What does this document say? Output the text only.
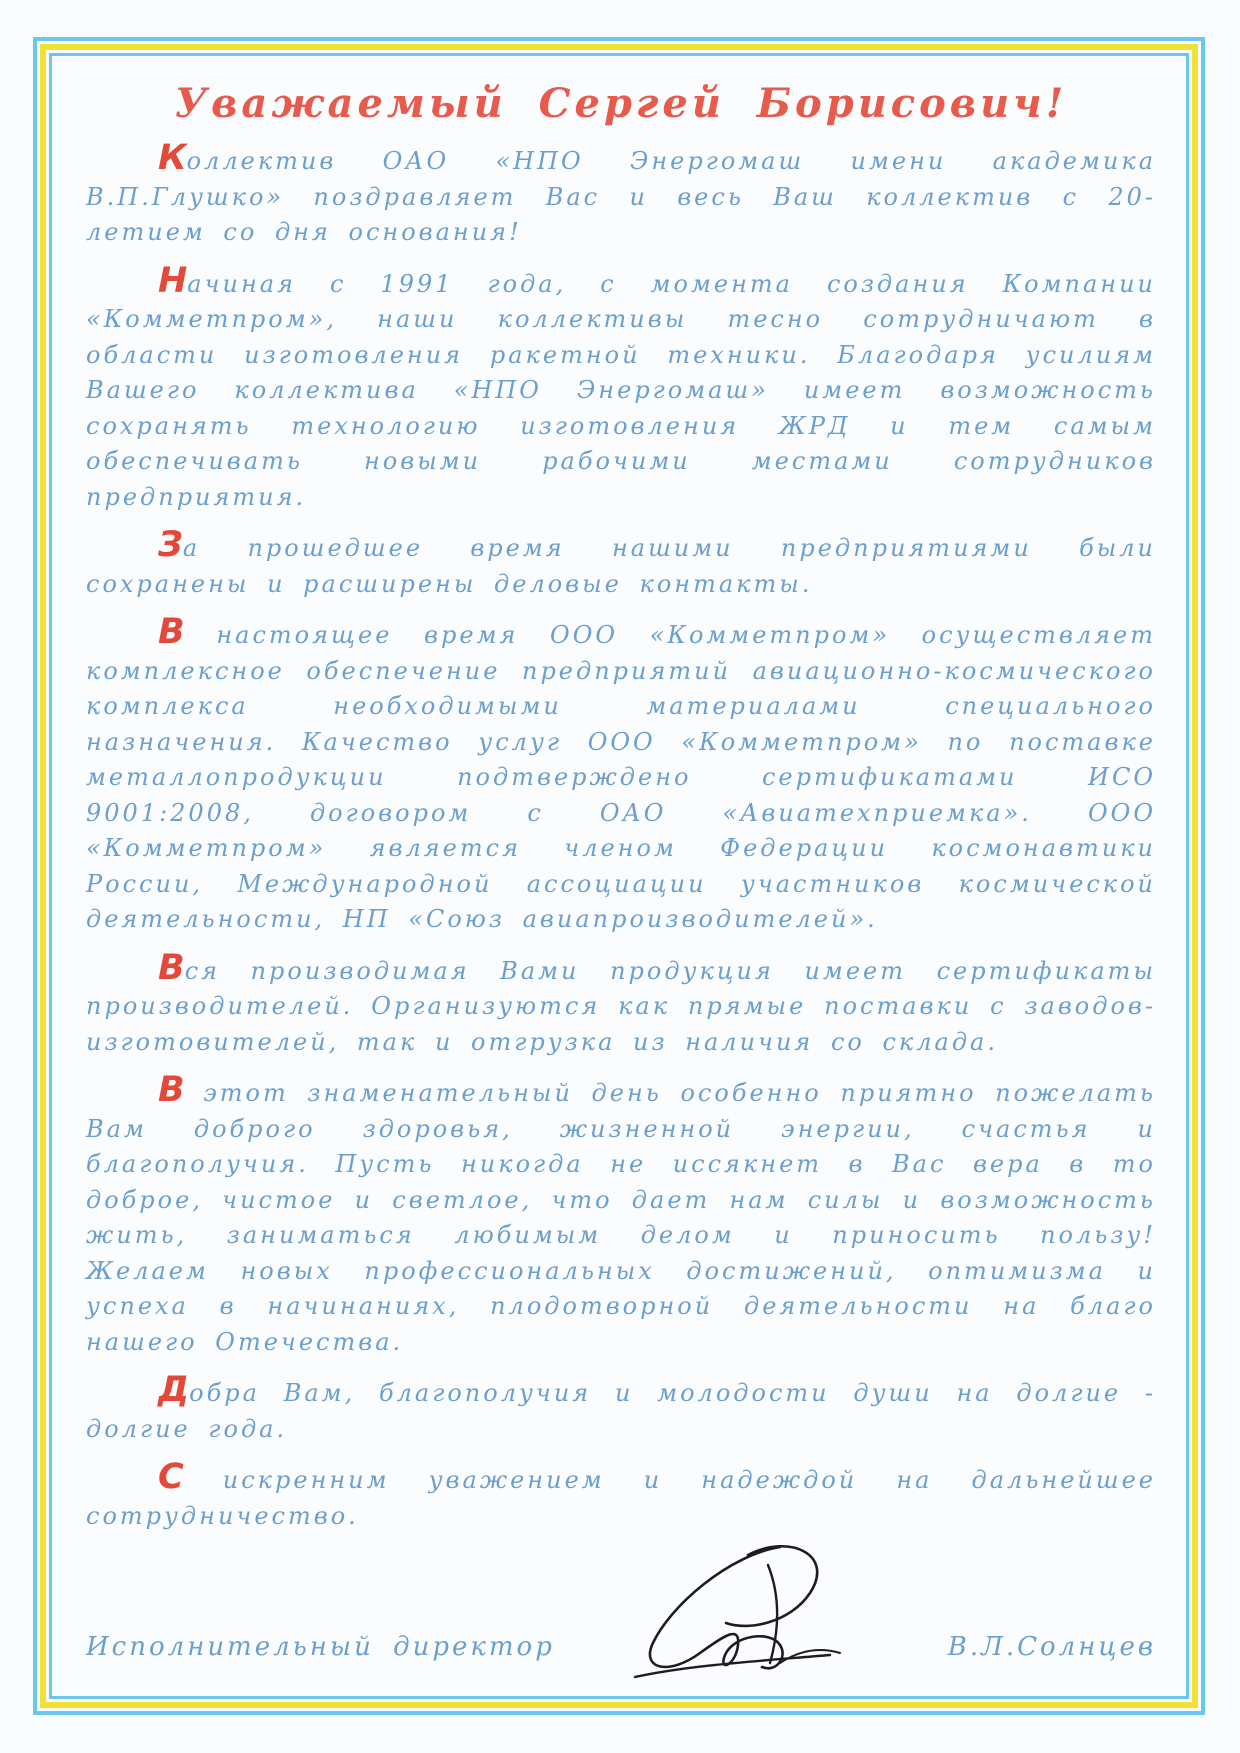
Уважаемый Сергей Борисович!

Коллектив ОАО «НПО Энергомаш имени академика В.П.Глушко» поздравляет Вас и весь Ваш коллектив с 20-летием со дня основания!

Начиная с 1991 года, с момента создания Компании «Комметпром», наши коллективы тесно сотрудничают в области изготовления ракетной техники. Благодаря усилиям Вашего коллектива «НПО Энергомаш» имеет возможность сохранять технологию изготовления ЖРД и тем самым обеспечивать новыми рабочими местами сотрудников предприятия.

За прошедшее время нашими предприятиями были сохранены и расширены деловые контакты.

В настоящее время ООО «Комметпром» осуществляет комплексное обеспечение предприятий авиационно-космического комплекса необходимыми материалами специального назначения. Качество услуг ООО «Комметпром» по поставке металлопродукции подтверждено сертификатами ИСО 9001:2008, договором с ОАО «Авиатехприемка». ООО «Комметпром» является членом Федерации космонавтики России, Международной ассоциации участников космической деятельности, НП «Союз авиапроизводителей».

Вся производимая Вами продукция имеет сертификаты производителей. Организуются как прямые поставки с заводов-изготовителей, так и отгрузка из наличия со склада.

В этот знаменательный день особенно приятно пожелать Вам доброго здоровья, жизненной энергии, счастья и благополучия. Пусть никогда не иссякнет в Вас вера в то доброе, чистое и светлое, что дает нам силы и возможность жить, заниматься любимым делом и приносить пользу! Желаем новых профессиональных достижений, оптимизма и успеха в начинаниях, плодотворной деятельности на благо нашего Отечества.

Добра Вам, благополучия и молодости души на долгие - долгие года.

С искренним уважением и надеждой на дальнейшее сотрудничество.

Исполнительный директор	В.Л.Солнцев
